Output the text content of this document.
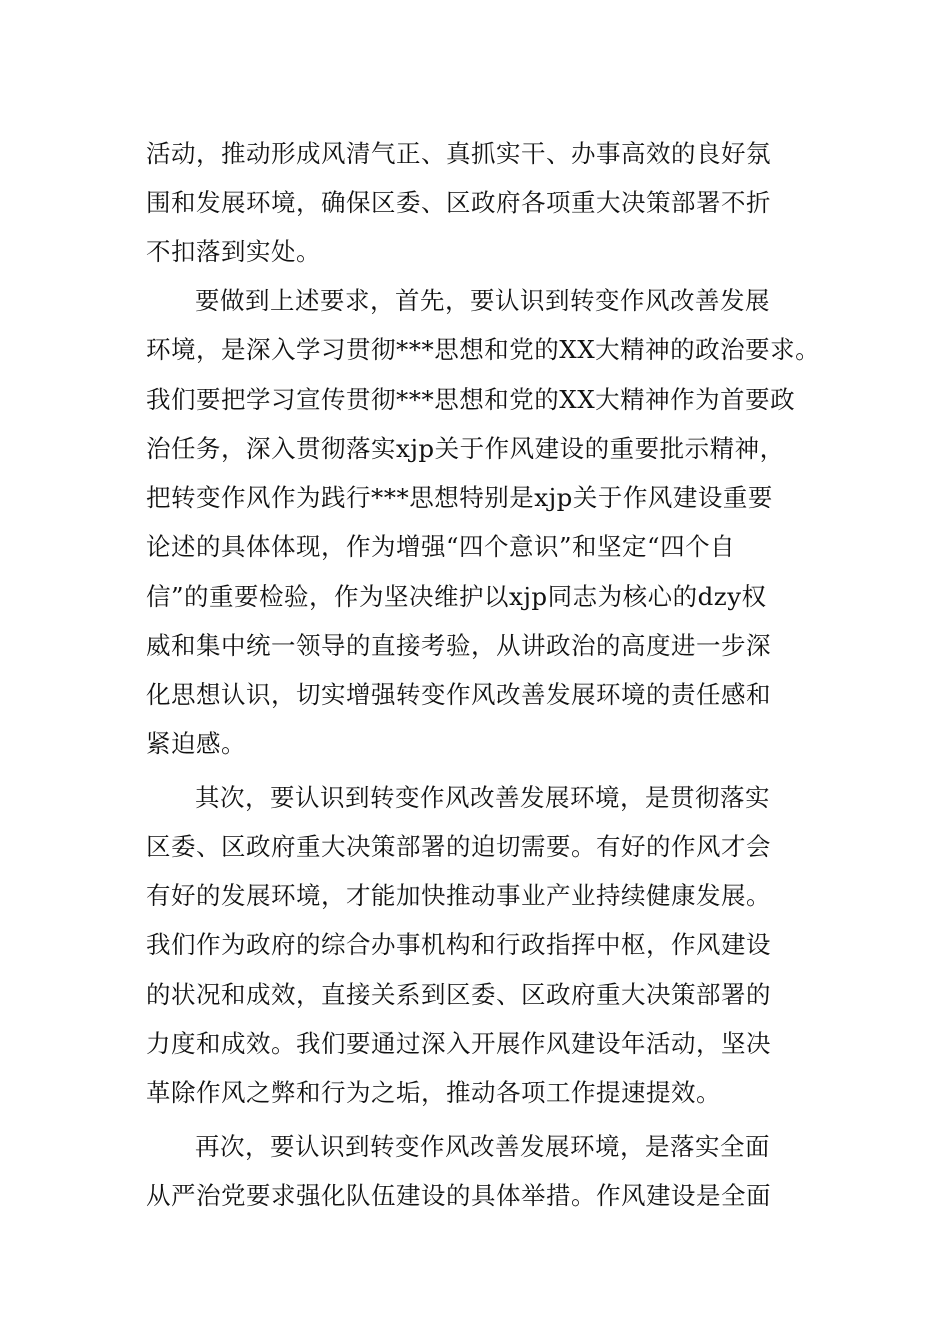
活动，推动形成风清气正、真抓实干、办事高效的良好氛
围和发展环境，确保区委、区政府各项重大决策部署不折
不扣落到实处。
要做到上述要求，首先，要认识到转变作风改善发展
环境，是深入学习贯彻***思想和党的XX大精神的政治要求。
我们要把学习宣传贯彻***思想和党的XX大精神作为首要政
治任务，深入贯彻落实xjp关于作风建设的重要批示精神，
把转变作风作为践行***思想特别是xjp关于作风建设重要
论述的具体体现，作为增强“四个意识”和坚定“四个自
信”的重要检验，作为坚决维护以xjp同志为核心的dzy权
威和集中统一领导的直接考验，从讲政治的高度进一步深
化思想认识，切实增强转变作风改善发展环境的责任感和
紧迫感。
其次，要认识到转变作风改善发展环境，是贯彻落实
区委、区政府重大决策部署的迫切需要。有好的作风才会
有好的发展环境，才能加快推动事业产业持续健康发展。
我们作为政府的综合办事机构和行政指挥中枢，作风建设
的状况和成效，直接关系到区委、区政府重大决策部署的
力度和成效。我们要通过深入开展作风建设年活动，坚决
革除作风之弊和行为之垢，推动各项工作提速提效。
再次，要认识到转变作风改善发展环境，是落实全面
从严治党要求强化队伍建设的具体举措。作风建设是全面
